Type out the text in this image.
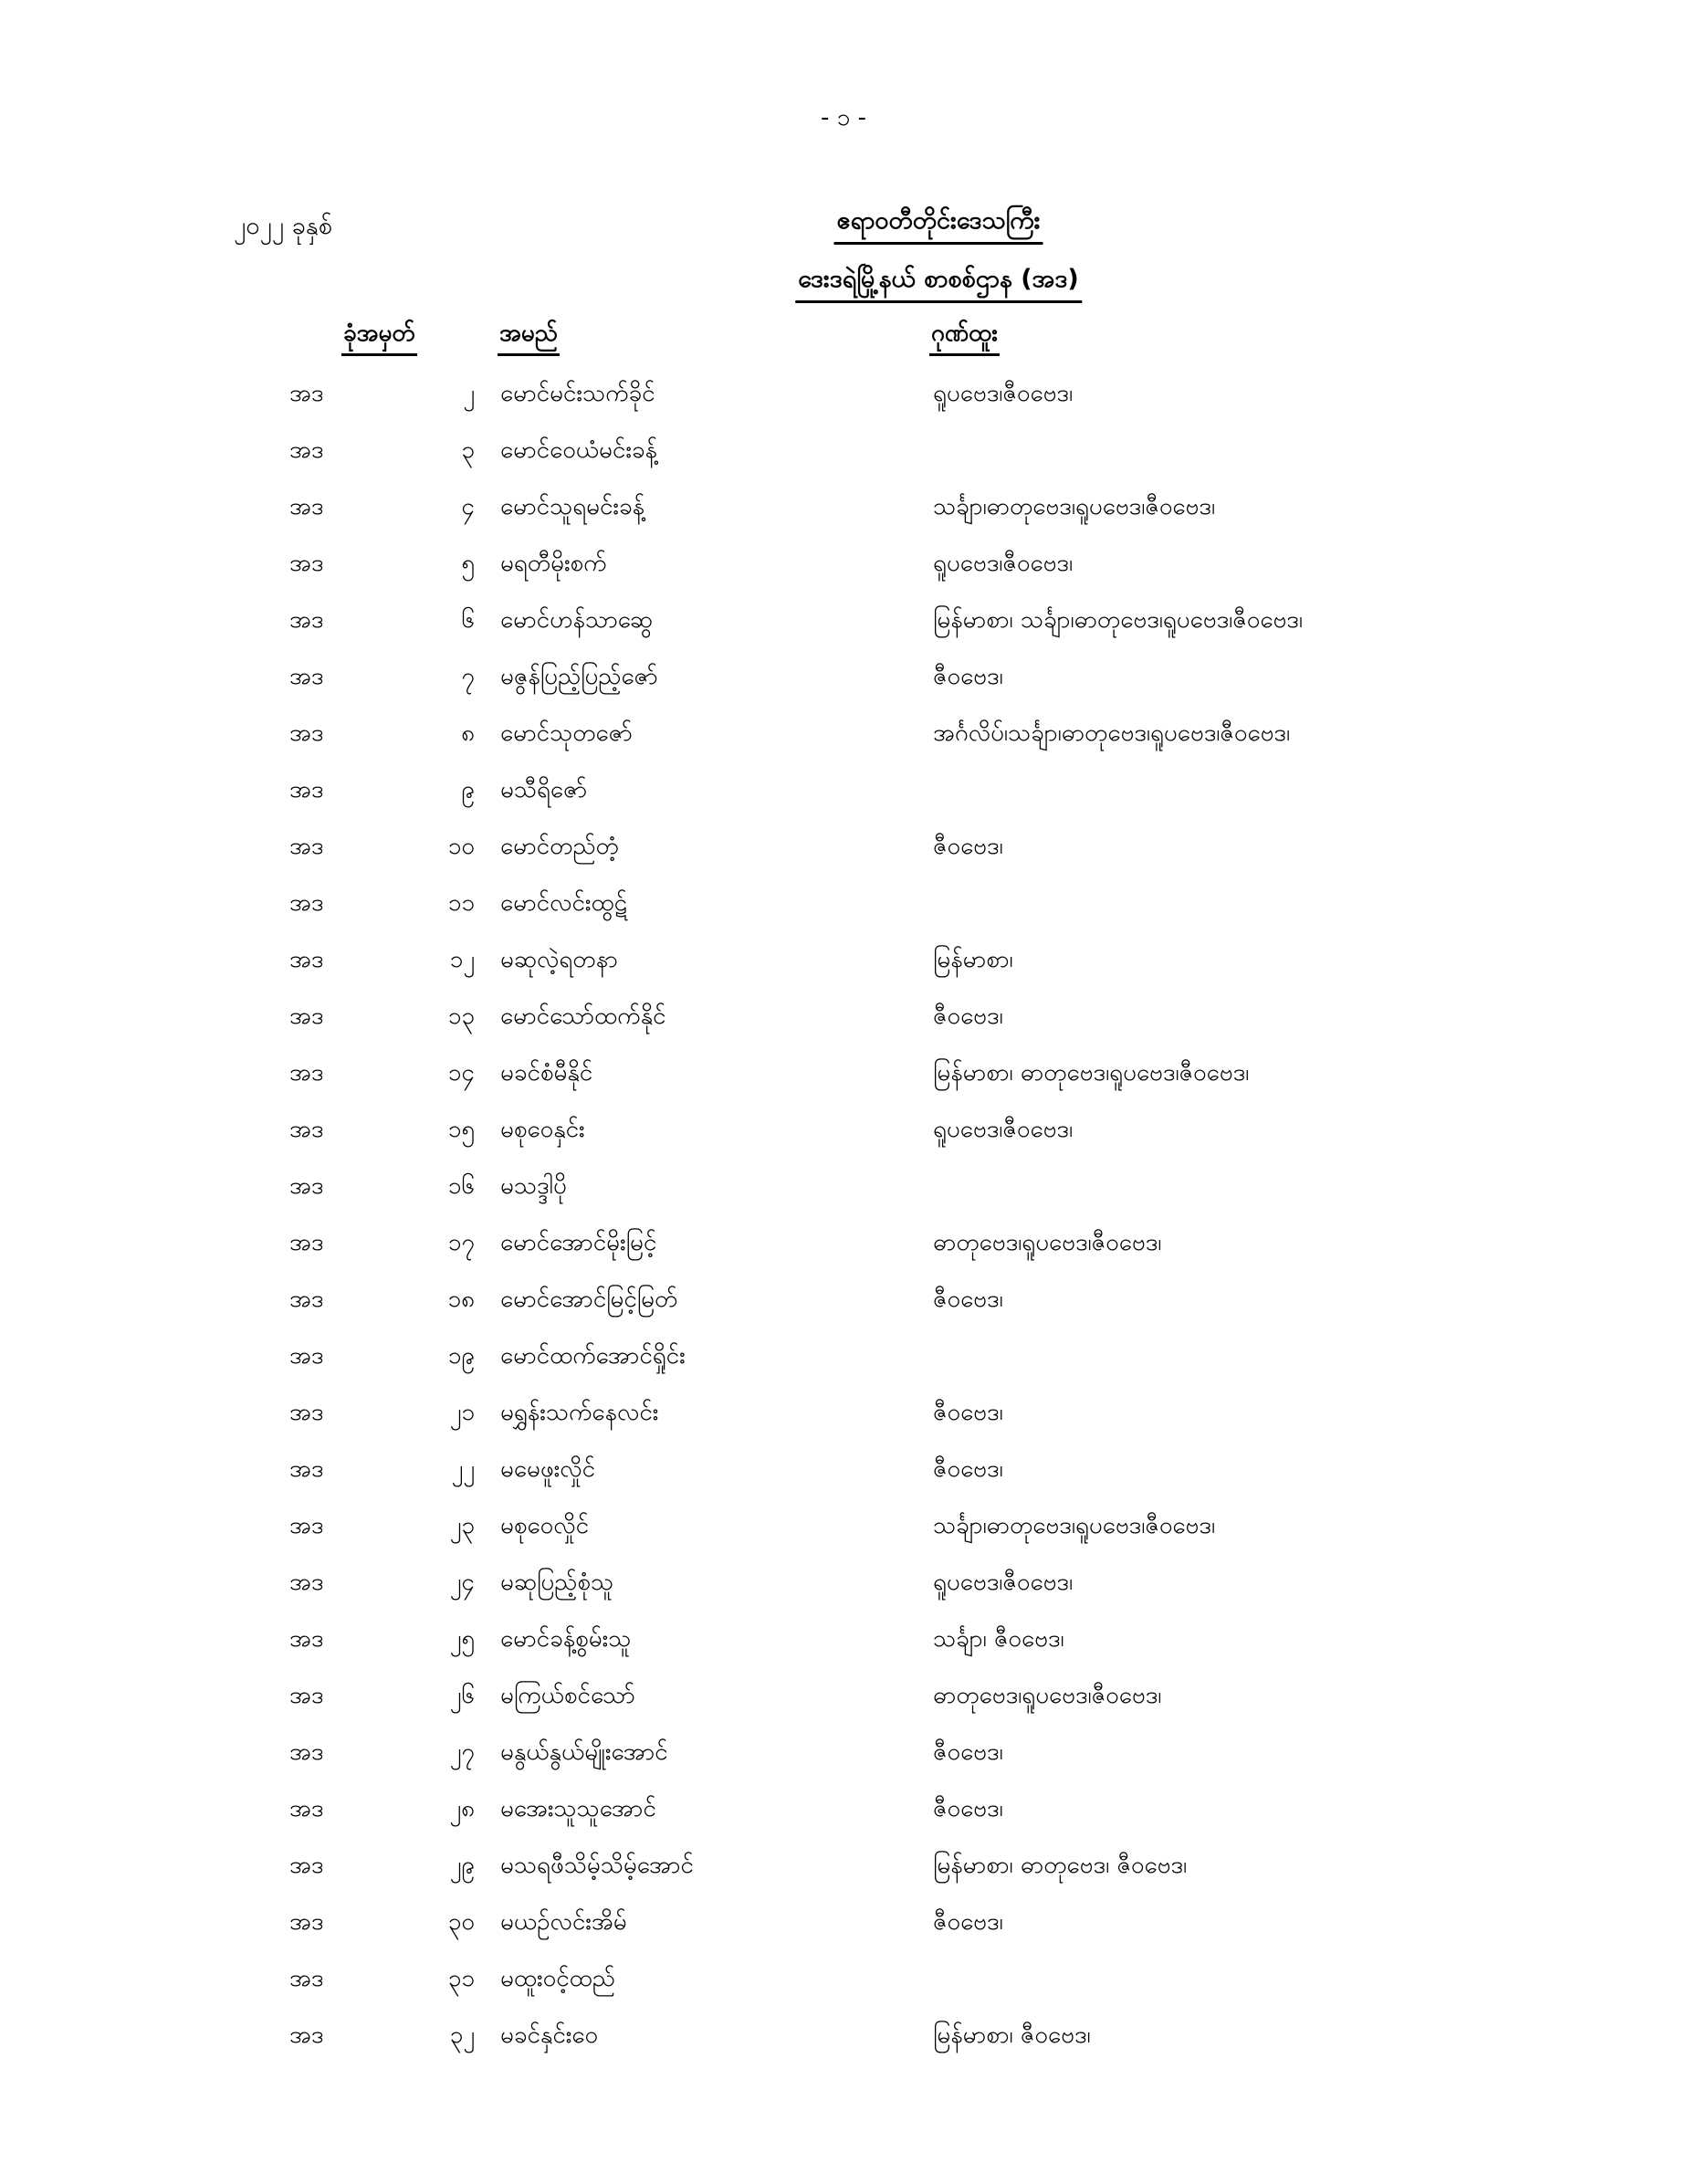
- ၁ -
၂၀၂၂ ခုနှစ်	ဧရာဝတီတိုင်းဒေသကြီး
ဒေးဒရဲမြို့နယ် စာစစ်ဌာန (အဒ)
ခုံအမှတ်	အမည်	ဂုဏ်ထူး
အဒ	၂ မောင်မင်းသက်ခိုင်	ရူပဗေဒ၊ဇီဝဗေဒ၊
အဒ	၃ မောင်ဝေယံမင်းခန့်
အဒ	၄ မောင်သူရမင်းခန့်	သင်္ချာ၊ဓာတုဗေဒ၊ရူပဗေဒ၊ဇီဝဗေဒ၊
အဒ	၅ မရတီမိုးစက်	ရူပဗေဒ၊ဇီဝဗေဒ၊
အဒ	၆ မောင်ဟန်သာဆွေ	မြန်မာစာ၊ သင်္ချာ၊ဓာတုဗေဒ၊ရူပဗေဒ၊ဇီဝဗေဒ၊
အဒ	၇ မဇွန်ပြည့်ပြည့်ဇော်	ဇီဝဗေဒ၊
အဒ	၈ မောင်သုတဇော်	အင်္ဂလိပ်၊သင်္ချာ၊ဓာတုဗေဒ၊ရူပဗေဒ၊ဇီဝဗေဒ၊
အဒ	၉ မသီရိဇော်
အဒ	၁၀ မောင်တည်တံ့	ဇီဝဗေဒ၊
အဒ	၁၁ မောင်လင်းထွဋ်
အဒ	၁၂ မဆုလဲ့ရတနာ	မြန်မာစာ၊
အဒ	၁၃ မောင်သော်ထက်နိုင်	ဇီဝဗေဒ၊
အဒ	၁၄ မခင်စံမီနိုင်	မြန်မာစာ၊ ဓာတုဗေဒ၊ရူပဗေဒ၊ဇီဝဗေဒ၊
အဒ	၁၅ မစုဝေနှင်း	ရူပဗေဒ၊ဇီဝဗေဒ၊
အဒ	၁၆ မသဒ္ဒါပို
အဒ	၁၇ မောင်အောင်မိုးမြင့်	ဓာတုဗေဒ၊ရူပဗေဒ၊ဇီဝဗေဒ၊
အဒ	၁၈ မောင်အောင်မြင့်မြတ်	ဇီဝဗေဒ၊
အဒ	၁၉ မောင်ထက်အောင်ရှိုင်း
အဒ	၂၁ မရွှန်းသက်နေလင်း	ဇီဝဗေဒ၊
အဒ	၂၂ မမေဖူးလှိုင်	ဇီဝဗေဒ၊
အဒ	၂၃ မစုဝေလှိုင်	သင်္ချာ၊ဓာတုဗေဒ၊ရူပဗေဒ၊ဇီဝဗေဒ၊
အဒ	၂၄ မဆုပြည့်စုံသူ	ရူပဗေဒ၊ဇီဝဗေဒ၊
အဒ	၂၅ မောင်ခန့်စွမ်းသူ	သင်္ချာ၊ ဇီဝဗေဒ၊
အဒ	၂၆ မကြယ်စင်သော်	ဓာတုဗေဒ၊ရူပဗေဒ၊ဇီဝဗေဒ၊
အဒ	၂၇ မနွယ်နွယ်မျိုးအောင်	ဇီဝဗေဒ၊
အဒ	၂၈ မအေးသူသူအောင်	ဇီဝဗေဒ၊
အဒ	၂၉ မသရဖီသိမ့်သိမ့်အောင်	မြန်မာစာ၊ ဓာတုဗေဒ၊ ဇီဝဗေဒ၊
အဒ	၃၀ မယဉ်လင်းအိမ်	ဇီဝဗေဒ၊
အဒ	၃၁ မထူးဝင့်ထည်
အဒ	၃၂ မခင်နှင်းဝေ	မြန်မာစာ၊ ဇီဝဗေဒ၊
